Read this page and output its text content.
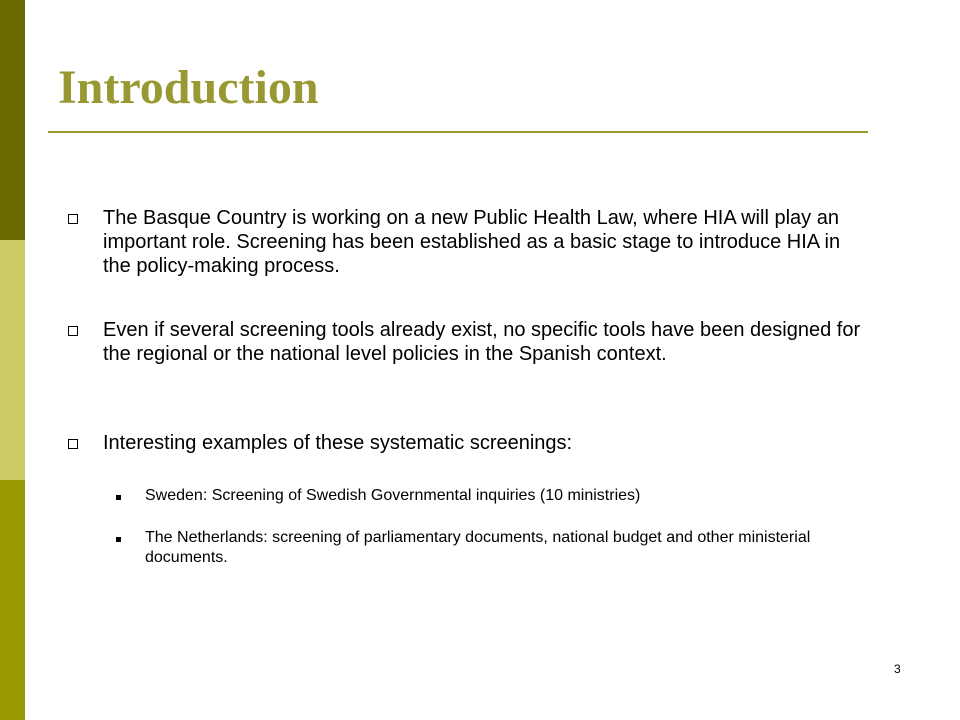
Introduction
The Basque Country is working on a new Public Health Law, where HIA will play an important role. Screening has been established as a basic stage to introduce HIA in the policy-making process.
Even if several screening tools already exist, no specific tools have been designed for the regional or the national level policies in the Spanish context.
Interesting examples of these systematic screenings:
Sweden: Screening of Swedish Governmental inquiries (10 ministries)
The Netherlands: screening of parliamentary documents, national budget and other ministerial documents.
3
